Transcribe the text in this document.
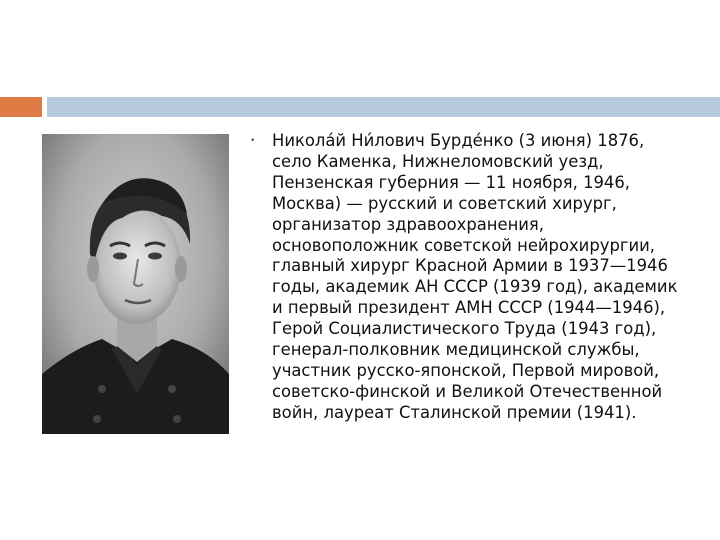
• Никола́й Ни́лович Бурде́нко (3 июня) 1876, село Каменка, Нижнеломовский уезд, Пензенская губерния — 11 ноября, 1946, Москва) — русский и советский хирург, организатор здравоохранения, основоположник советской нейрохирургии, главный хирург Красной Армии в 1937—1946 годы, академик АН СССР (1939 год), академик и первый президент АМН СССР (1944—1946), Герой Социалистического Труда (1943 год), генерал-полковник медицинской службы, участник русско-японской, Первой мировой, советско-финской и Великой Отечественной войн, лауреат Сталинской премии (1941).
